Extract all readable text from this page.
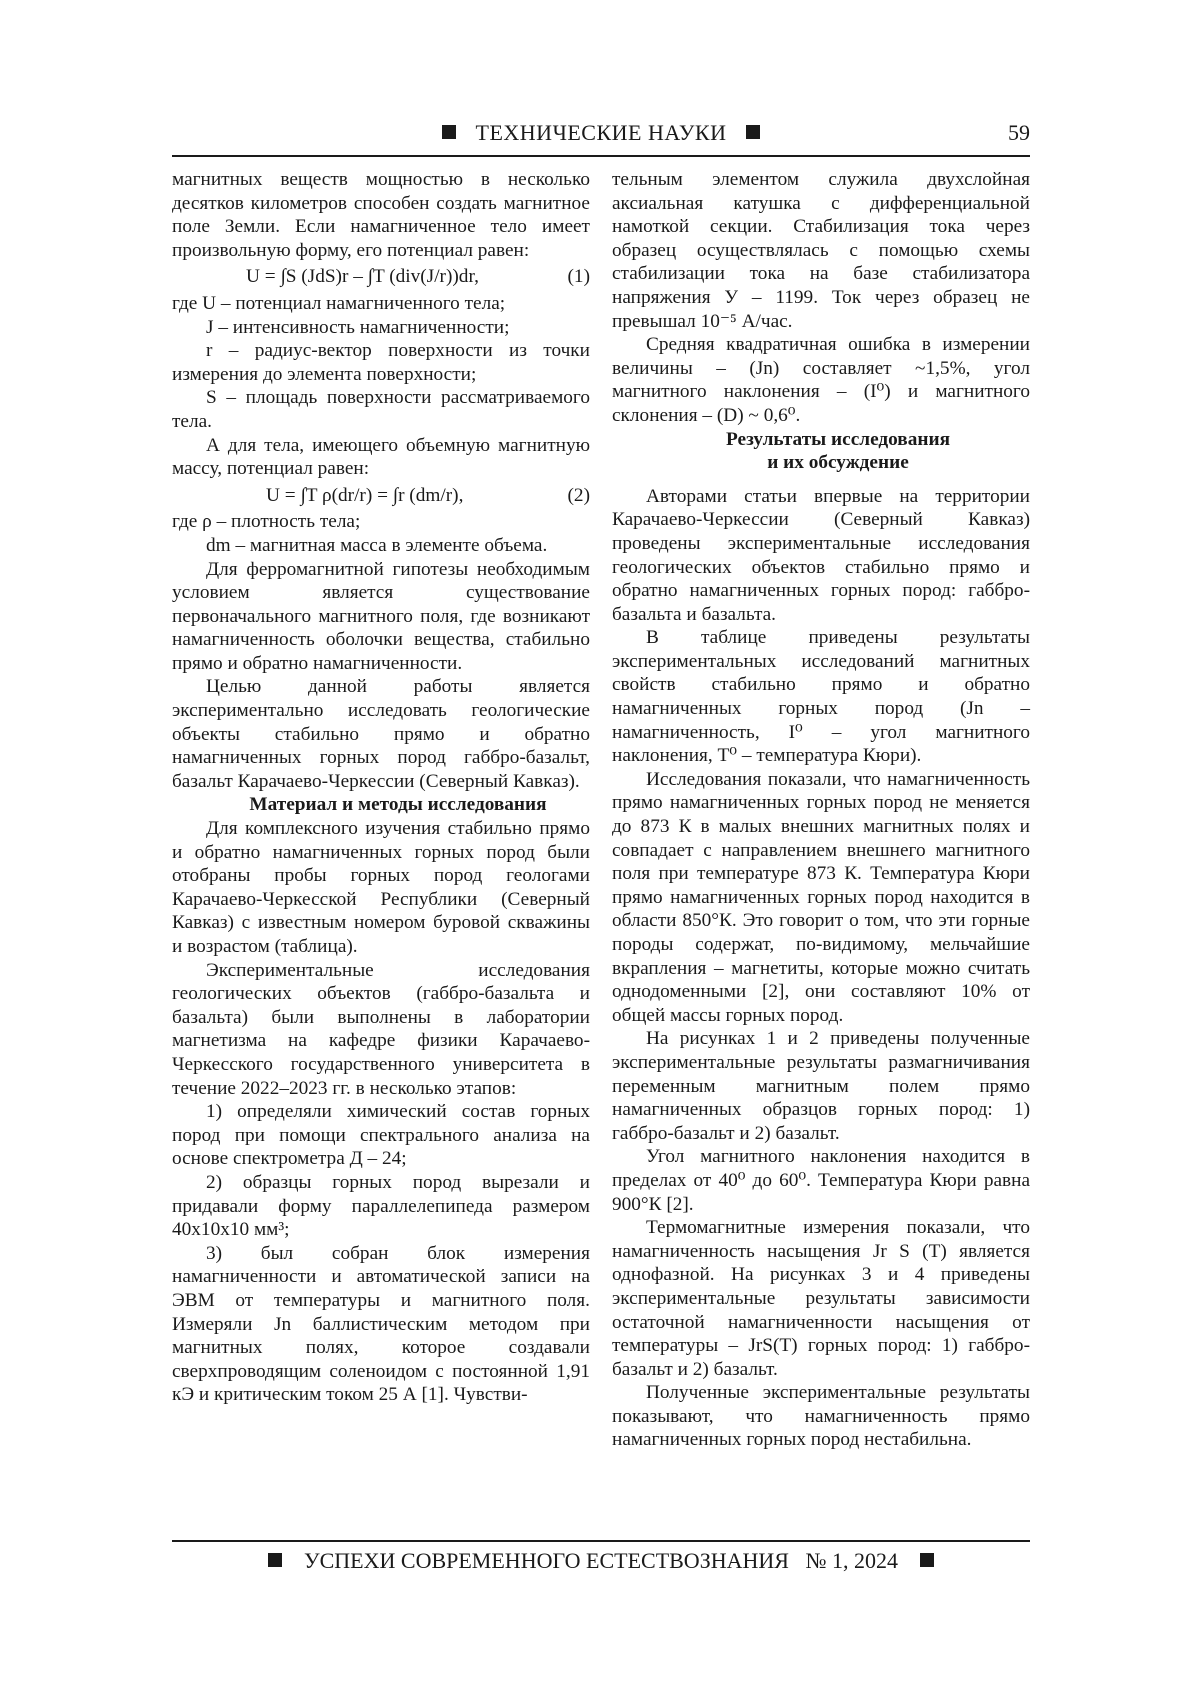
ТЕХНИЧЕСКИЕ НАУКИ	59

магнитных веществ мощностью в несколько десятков километров способен создать магнитное поле Земли. Если намагниченное тело имеет произвольную форму, его потенциал равен:

U = ∫S (JdS)r – ∫T (div(J/r))dr,	(1)

где U – потенциал намагниченного тела;

J – интенсивность намагниченности;

r – радиус-вектор поверхности из точки измерения до элемента поверхности;

S – площадь поверхности рассматриваемого тела.

А для тела, имеющего объемную магнитную массу, потенциал равен:

U = ∫T ρ(dr/r) = ∫r (dm/r),	(2)

где ρ – плотность тела;

dm – магнитная масса в элементе объема.

Для ферромагнитной гипотезы необходимым условием является существование первоначального магнитного поля, где возникают намагниченность оболочки вещества, стабильно прямо и обратно намагниченности.

Целью данной работы является экспериментально исследовать геологические объекты стабильно прямо и обратно намагниченных горных пород габбро-базальт, базальт Карачаево-Черкессии (Северный Кавказ).

Материал и методы исследования

Для комплексного изучения стабильно прямо и обратно намагниченных горных пород были отобраны пробы горных пород геологами Карачаево-Черкесской Республики (Северный Кавказ) с известным номером буровой скважины и возрастом (таблица).

Экспериментальные исследования геологических объектов (габбро-базальта и базальта) были выполнены в лаборатории магнетизма на кафедре физики Карачаево-Черкесского государственного университета в течение 2022–2023 гг. в несколько этапов:

1) определяли химический состав горных пород при помощи спектрального анализа на основе спектрометра Д – 24;

2) образцы горных пород вырезали и придавали форму параллелепипеда размером 40х10х10 мм³;

3) был собран блок измерения намагниченности и автоматической записи на ЭВМ от температуры и магнитного поля. Измеряли Jn баллистическим методом при магнитных полях, которое создавали сверхпроводящим соленоидом с постоянной 1,91 кЭ и критическим током 25 А [1]. Чувстви-

тельным элементом служила двухслойная аксиальная катушка с дифференциальной намоткой секции. Стабилизация тока через образец осуществлялась с помощью схемы стабилизации тока на базе стабилизатора напряжения У – 1199. Ток через образец не превышал 10⁻⁵ А/час.

Средняя квадратичная ошибка в измерении величины – (Jn) составляет ~1,5%, угол магнитного наклонения – (I⁰) и магнитного склонения – (D) ~ 0,6⁰.

Результаты исследования

и их обсуждение

Авторами статьи впервые на территории Карачаево-Черкессии (Северный Кавказ) проведены экспериментальные исследования геологических объектов стабильно прямо и обратно намагниченных горных пород: габбро-базальта и базальта.

В таблице приведены результаты экспериментальных исследований магнитных свойств стабильно прямо и обратно намагниченных горных пород (Jn – намагниченность, I⁰ – угол магнитного наклонения, T⁰ – температура Кюри).

Исследования показали, что намагниченность прямо намагниченных горных пород не меняется до 873 К в малых внешних магнитных полях и совпадает с направлением внешнего магнитного поля при температуре 873 К. Температура Кюри прямо намагниченных горных пород находится в области 850°К. Это говорит о том, что эти горные породы содержат, по-видимому, мельчайшие вкрапления – магнетиты, которые можно считать однодоменными [2], они составляют 10% от общей массы горных пород.

На рисунках 1 и 2 приведены полученные экспериментальные результаты размагничивания переменным магнитным полем прямо намагниченных образцов горных пород: 1) габбро-базальт и 2) базальт.

Угол магнитного наклонения находится в пределах от 40⁰ до 60⁰. Температура Кюри равна 900°К [2].

Термомагнитные измерения показали, что намагниченность насыщения Jr S (T) является однофазной. На рисунках 3 и 4 приведены экспериментальные результаты зависимости остаточной намагниченности насыщения от температуры – JrS(T) горных пород: 1) габбро-базальт и 2) базальт.

Полученные экспериментальные результаты показывают, что намагниченность прямо намагниченных горных пород нестабильна.

УСПЕХИ СОВРЕМЕННОГО ЕСТЕСТВОЗНАНИЯ № 1, 2024
